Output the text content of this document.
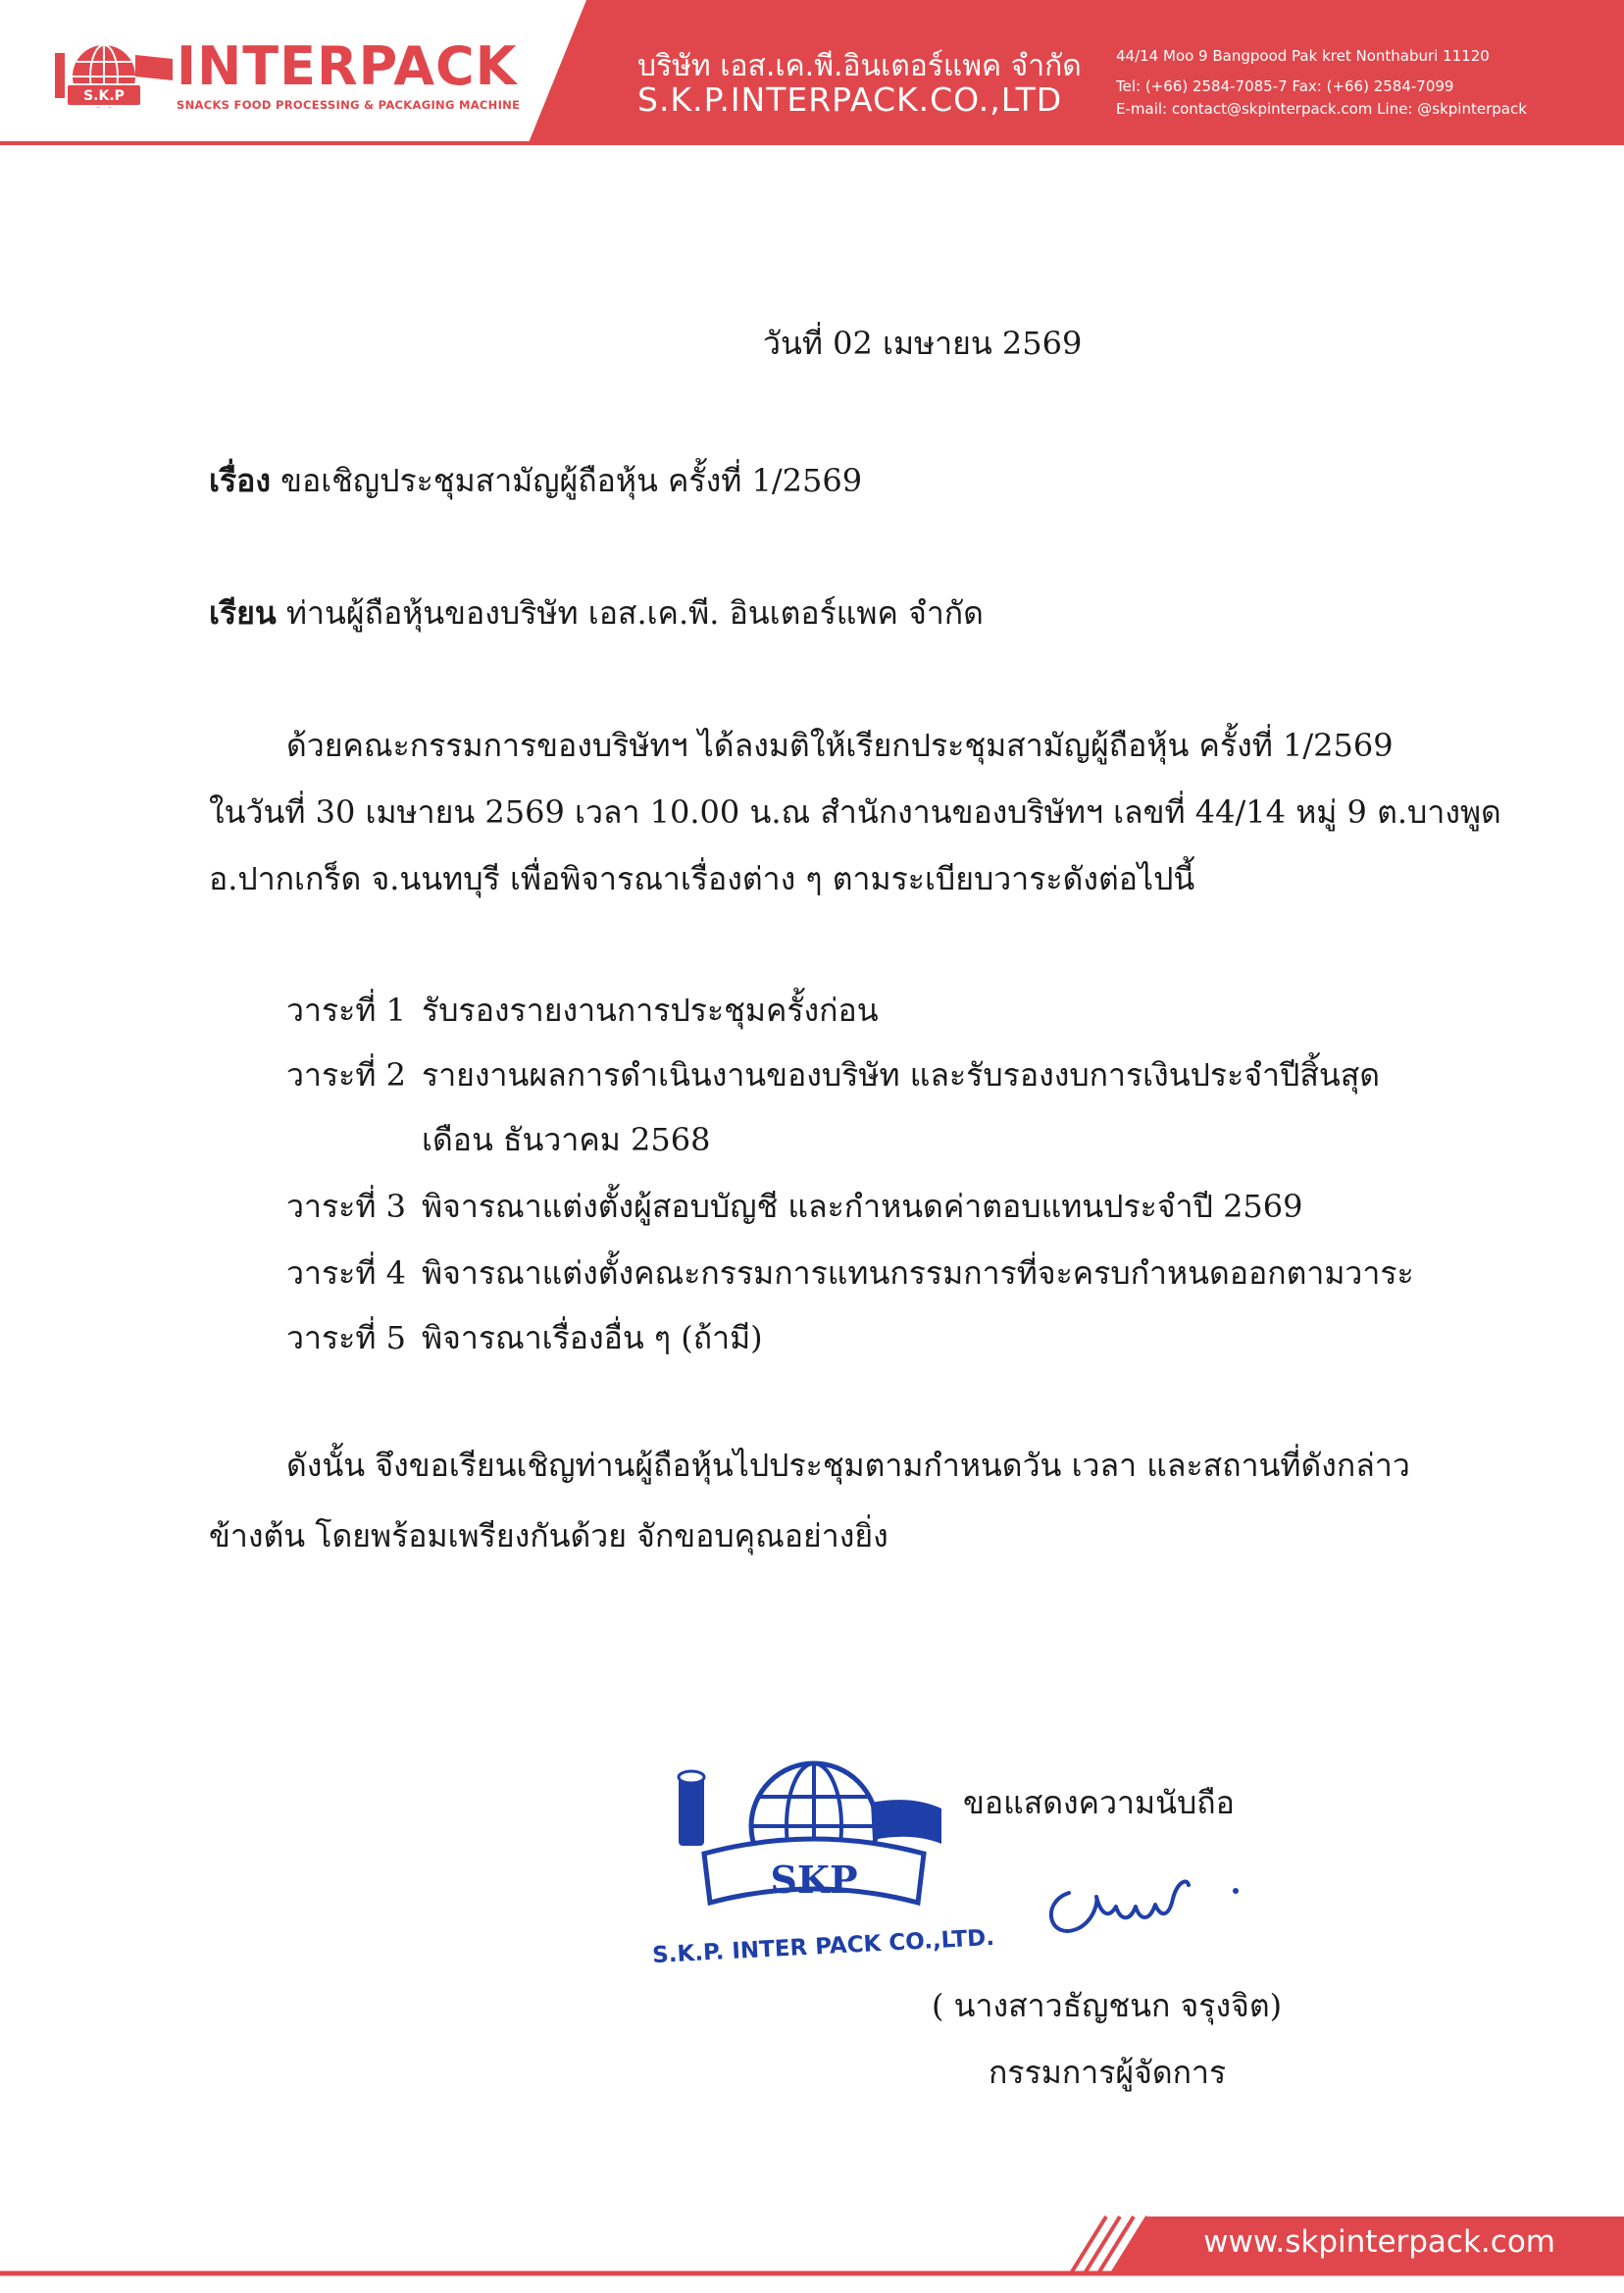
S.K.P INTERPACK
SNACKS FOOD PROCESSING & PACKAGING MACHINE
บริษัท เอส.เค.พี.อินเตอร์แพค จำกัด
S.K.P.INTERPACK.CO.,LTD
44/14 Moo 9 Bangpood Pak kret Nonthaburi 11120
Tel: (+66) 2584-7085-7 Fax: (+66) 2584-7099
E-mail: contact@skpinterpack.com Line: @skpinterpack
วันที่ 02 เมษายน 2569
เรื่อง ขอเชิญประชุมสามัญผู้ถือหุ้น ครั้งที่ 1/2569
เรียน ท่านผู้ถือหุ้นของบริษัท เอส.เค.พี. อินเตอร์แพค จำกัด
ด้วยคณะกรรมการของบริษัทฯ ได้ลงมติให้เรียกประชุมสามัญผู้ถือหุ้น ครั้งที่ 1/2569
ในวันที่ 30 เมษายน 2569 เวลา 10.00 น.ณ สำนักงานของบริษัทฯ เลขที่ 44/14 หมู่ 9 ต.บางพูด
อ.ปากเกร็ด จ.นนทบุรี เพื่อพิจารณาเรื่องต่าง ๆ ตามระเบียบวาระดังต่อไปนี้
วาระที่ 1 รับรองรายงานการประชุมครั้งก่อน
วาระที่ 2 รายงานผลการดำเนินงานของบริษัท และรับรองงบการเงินประจำปีสิ้นสุด
เดือน ธันวาคม 2568
วาระที่ 3 พิจารณาแต่งตั้งผู้สอบบัญชี และกำหนดค่าตอบแทนประจำปี 2569
วาระที่ 4 พิจารณาแต่งตั้งคณะกรรมการแทนกรรมการที่จะครบกำหนดออกตามวาระ
วาระที่ 5 พิจารณาเรื่องอื่น ๆ (ถ้ามี)
ดังนั้น จึงขอเรียนเชิญท่านผู้ถือหุ้นไปประชุมตามกำหนดวัน เวลา และสถานที่ดังกล่าว
ข้างต้น โดยพร้อมเพรียงกันด้วย จักขอบคุณอย่างยิ่ง
SKP
S.K.P. INTER PACK CO.,LTD.
ขอแสดงความนับถือ
( นางสาวธัญชนก จรุงจิต)
กรรมการผู้จัดการ
www.skpinterpack.com
